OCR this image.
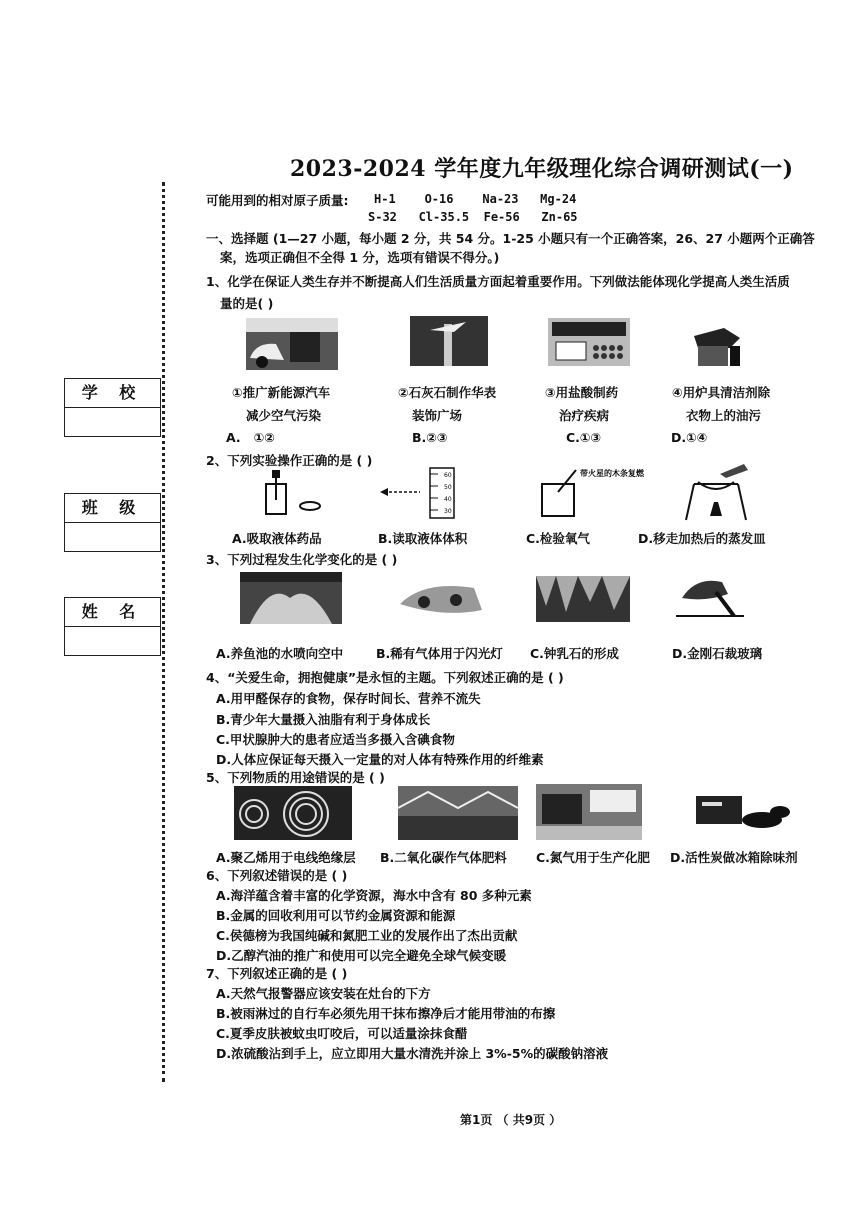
学 校
班 级
姓 名
2023-2024 学年度九年级理化综合调研测试(一)
可能用到的相对原子质量: H-1    O-16    Na-23   Mg-24
S-32   Cl-35.5  Fe-56   Zn-65
一、选择题 (1—27 小题，每小题 2 分，共 54 分。1-25 小题只有一个正确答案，26、27 小题两个正确答
案，选项正确但不全得 1 分，选项有错误不得分。)
1、化学在保证人类生存并不断提高人们生活质量方面起着重要作用。下列做法能体现化学提高人类生活质
量的是( )
①推广新能源汽车
减少空气污染
②石灰石制作华表
装饰广场
③用盐酸制药
治疗疾病
④用炉具清洁剂除
衣物上的油污
A.   ①②	B.②③	C.①③	D.①④
2、下列实验操作正确的是 ( )
60
50
40
30
带火星的木条复燃
A.吸取液体药品	B.读取液体体积	C.检验氧气	D.移走加热后的蒸发皿
3、下列过程发生化学变化的是 ( )
A.养鱼池的水喷向空中	B.稀有气体用于闪光灯 C.钟乳石的形成	D.金刚石裁玻璃
4、“关爱生命，拥抱健康”是永恒的主题。下列叙述正确的是 ( )
A.用甲醛保存的食物，保存时间长、营养不流失
B.青少年大量摄入油脂有利于身体成长
C.甲状腺肿大的患者应适当多摄入含碘食物
D.人体应保证每天摄入一定量的对人体有特殊作用的纤维素
5、下列物质的用途错误的是 ( )
A.聚乙烯用于电线绝缘层 B.二氧化碳作气体肥料 C.氮气用于生产化肥 D.活性炭做冰箱除味剂
6、下列叙述错误的是 ( )
A.海洋蕴含着丰富的化学资源，海水中含有 80 多种元素
B.金属的回收利用可以节约金属资源和能源
C.侯德榜为我国纯碱和氮肥工业的发展作出了杰出贡献
D.乙醇汽油的推广和使用可以完全避免全球气候变暖
7、下列叙述正确的是 ( )
A.天然气报警器应该安装在灶台的下方
B.被雨淋过的自行车必须先用干抹布擦净后才能用带油的布擦
C.夏季皮肤被蚊虫叮咬后，可以适量涂抹食醋
D.浓硫酸沾到手上，应立即用大量水清洗并涂上 3%-5%的碳酸钠溶液
第1页 （ 共9页 ）
